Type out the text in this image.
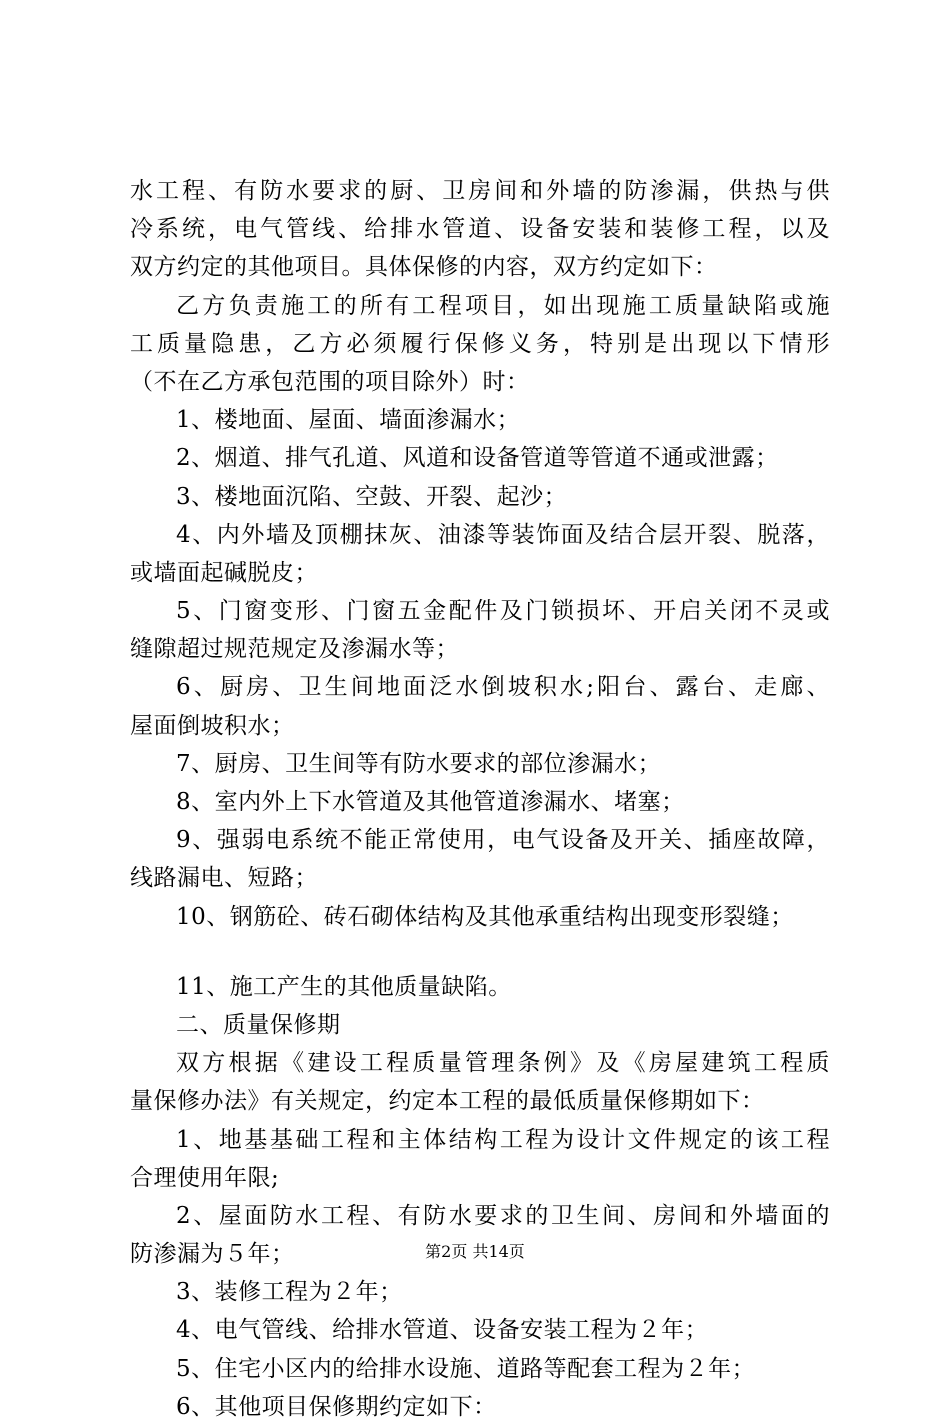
水工程、有防水要求的厨、卫房间和外墙的防渗漏，供热与供
冷系统，电气管线、给排水管道、设备安装和装修工程，以及
双方约定的其他项目。具体保修的内容，双方约定如下：
乙方负责施工的所有工程项目，如出现施工质量缺陷或施
工质量隐患，乙方必须履行保修义务，特别是出现以下情形
（不在乙方承包范围的项目除外）时：
1、楼地面、屋面、墙面渗漏水；
2、烟道、排气孔道、风道和设备管道等管道不通或泄露；
3、楼地面沉陷、空鼓、开裂、起沙；
4、内外墙及顶棚抹灰、油漆等装饰面及结合层开裂、脱落，
或墙面起碱脱皮；
5、门窗变形、门窗五金配件及门锁损坏、开启关闭不灵或
缝隙超过规范规定及渗漏水等；
6、厨房、卫生间地面泛水倒坡积水;阳台、露台、走廊、
屋面倒坡积水；
7、厨房、卫生间等有防水要求的部位渗漏水；
8、室内外上下水管道及其他管道渗漏水、堵塞；
9、强弱电系统不能正常使用，电气设备及开关、插座故障，
线路漏电、短路；
10、钢筋砼、砖石砌体结构及其他承重结构出现变形裂缝；
11、施工产生的其他质量缺陷。
二、质量保修期
双方根据《建设工程质量管理条例》及《房屋建筑工程质
量保修办法》有关规定，约定本工程的最低质量保修期如下：
1、地基基础工程和主体结构工程为设计文件规定的该工程
合理使用年限;
2、屋面防水工程、有防水要求的卫生间、房间和外墙面的
防渗漏为５年；
3、装修工程为２年；
4、电气管线、给排水管道、设备安装工程为２年；
5、住宅小区内的给排水设施、道路等配套工程为２年；
6、其他项目保修期约定如下：
第2页 共14页
